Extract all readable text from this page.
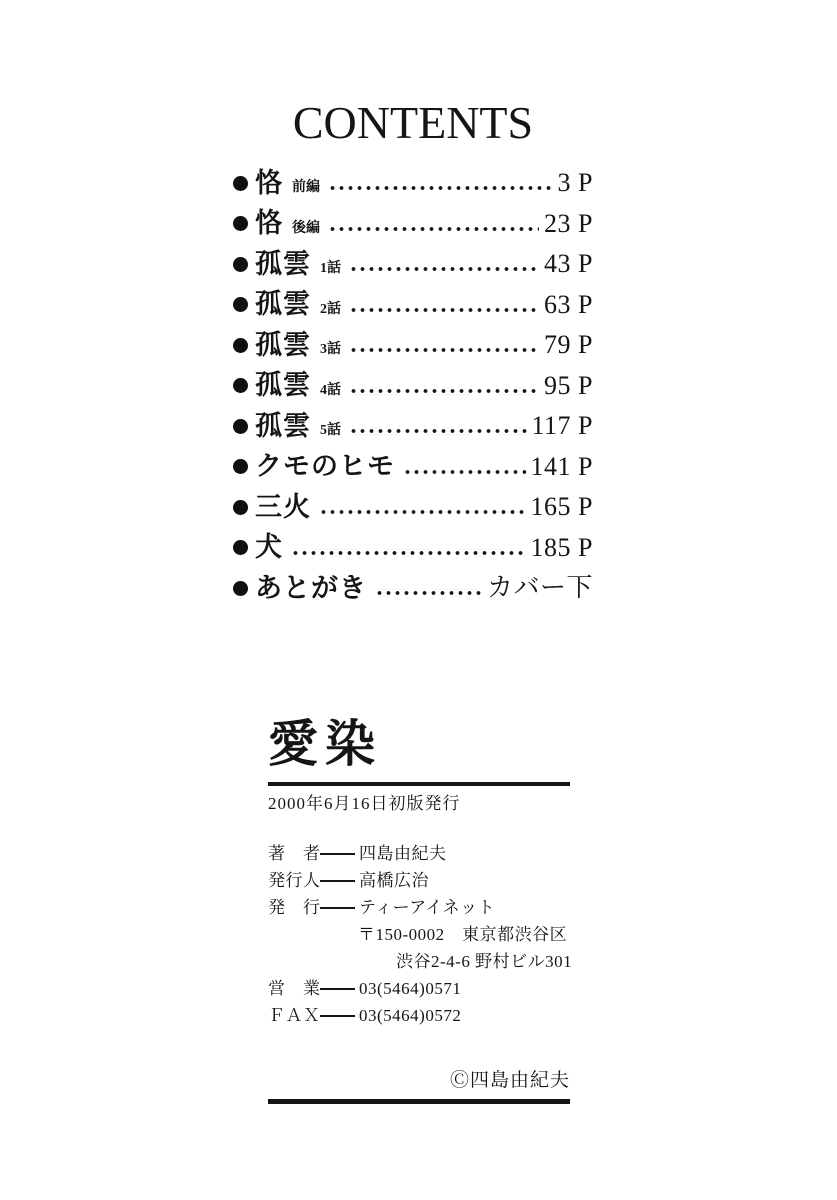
CONTENTS
恪 前編	3 P
恪 後編	23 P
孤雲 1話	43 P
孤雲 2話	63 P
孤雲 3話	79 P
孤雲 4話	95 P
孤雲 5話	117 P
クモのヒモ	141 P
三火	165 P
犬	185 P
あとがき	カバー下
愛染
2000年6月16日初版発行
著　者 四島由紀夫
発行人 高橋広治
発　行 ティーアイネット
〒150-0002　東京都渋谷区
渋谷2-4-6 野村ビル301
営　業 03(5464)0571
ＦＡＸ 03(5464)0572
Ⓒ四島由紀夫
